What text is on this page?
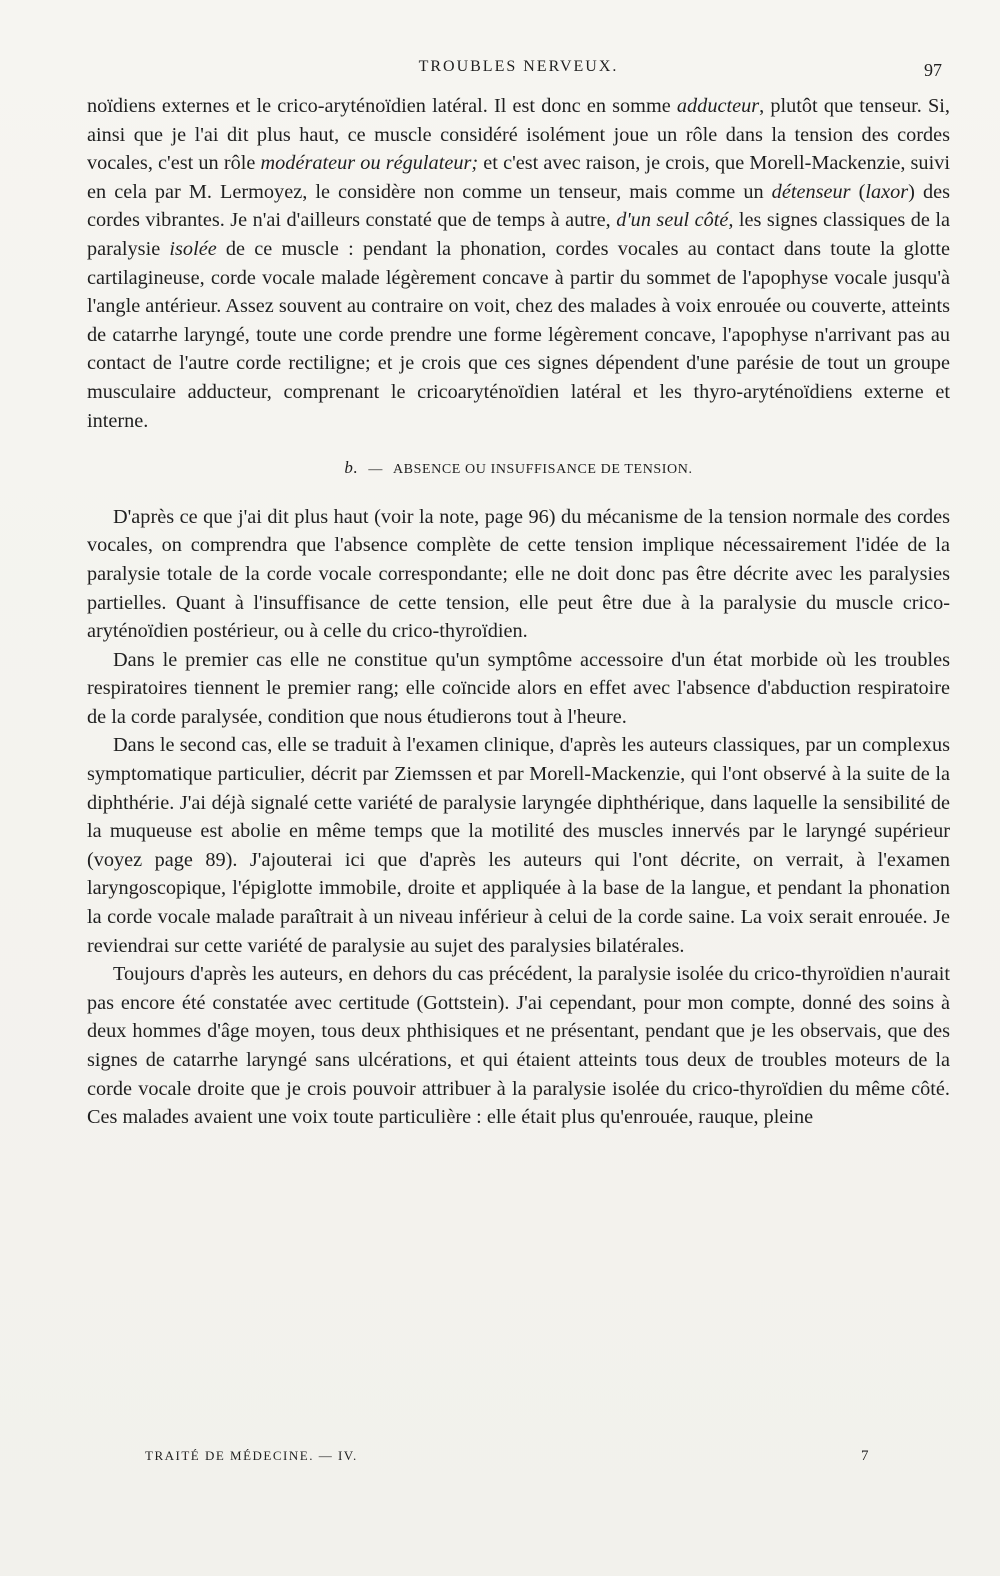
TROUBLES NERVEUX.	97

noïdiens externes et le crico-aryténoïdien latéral. Il est donc en somme adducteur, plutôt que tenseur. Si, ainsi que je l'ai dit plus haut, ce muscle considéré isolément joue un rôle dans la tension des cordes vocales, c'est un rôle modérateur ou régulateur; et c'est avec raison, je crois, que Morell-Mackenzie, suivi en cela par M. Lermoyez, le considère non comme un tenseur, mais comme un détenseur (laxor) des cordes vibrantes. Je n'ai d'ailleurs constaté que de temps à autre, d'un seul côté, les signes classiques de la paralysie isolée de ce muscle : pendant la phonation, cordes vocales au contact dans toute la glotte cartilagineuse, corde vocale malade légèrement concave à partir du sommet de l'apophyse vocale jusqu'à l'angle antérieur. Assez souvent au contraire on voit, chez des malades à voix enrouée ou couverte, atteints de catarrhe laryngé, toute une corde prendre une forme légèrement concave, l'apophyse n'arrivant pas au contact de l'autre corde rectiligne; et je crois que ces signes dépendent d'une parésie de tout un groupe musculaire adducteur, comprenant le cricoaryténoïdien latéral et les thyro-aryténoïdiens externe et interne.

b. — ABSENCE OU INSUFFISANCE DE TENSION.

D'après ce que j'ai dit plus haut (voir la note, page 96) du mécanisme de la tension normale des cordes vocales, on comprendra que l'absence complète de cette tension implique nécessairement l'idée de la paralysie totale de la corde vocale correspondante; elle ne doit donc pas être décrite avec les paralysies partielles. Quant à l'insuffisance de cette tension, elle peut être due à la paralysie du muscle crico-aryténoïdien postérieur, ou à celle du crico-thyroïdien.

Dans le premier cas elle ne constitue qu'un symptôme accessoire d'un état morbide où les troubles respiratoires tiennent le premier rang; elle coïncide alors en effet avec l'absence d'abduction respiratoire de la corde paralysée, condition que nous étudierons tout à l'heure.

Dans le second cas, elle se traduit à l'examen clinique, d'après les auteurs classiques, par un complexus symptomatique particulier, décrit par Ziemssen et par Morell-Mackenzie, qui l'ont observé à la suite de la diphthérie. J'ai déjà signalé cette variété de paralysie laryngée diphthérique, dans laquelle la sensibilité de la muqueuse est abolie en même temps que la motilité des muscles innervés par le laryngé supérieur (voyez page 89). J'ajouterai ici que d'après les auteurs qui l'ont décrite, on verrait, à l'examen laryngoscopique, l'épiglotte immobile, droite et appliquée à la base de la langue, et pendant la phonation la corde vocale malade paraîtrait à un niveau inférieur à celui de la corde saine. La voix serait enrouée. Je reviendrai sur cette variété de paralysie au sujet des paralysies bilatérales.

Toujours d'après les auteurs, en dehors du cas précédent, la paralysie isolée du crico-thyroïdien n'aurait pas encore été constatée avec certitude (Gottstein). J'ai cependant, pour mon compte, donné des soins à deux hommes d'âge moyen, tous deux phthisiques et ne présentant, pendant que je les observais, que des signes de catarrhe laryngé sans ulcérations, et qui étaient atteints tous deux de troubles moteurs de la corde vocale droite que je crois pouvoir attribuer à la paralysie isolée du crico-thyroïdien du même côté. Ces malades avaient une voix toute particulière : elle était plus qu'enrouée, rauque, pleine

TRAITÉ DE MÉDECINE. — IV.	7
